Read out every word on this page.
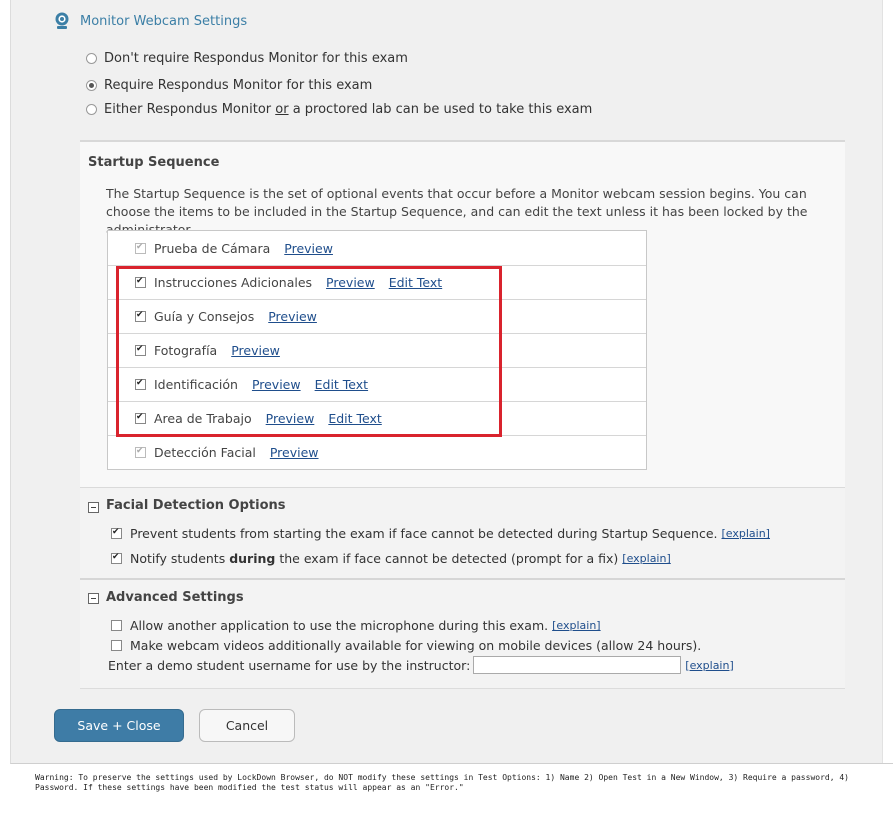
Monitor Webcam Settings
Don't require Respondus Monitor for this exam
Require Respondus Monitor for this exam
Either Respondus Monitor or a proctored lab can be used to take this exam
Startup Sequence
The Startup Sequence is the set of optional events that occur before a Monitor webcam session begins. You can choose the items to be included in the Startup Sequence, and can edit the text unless it has been locked by the
✔
Prueba de Cámara Preview
✔
Instrucciones Adicionales Preview Edit Text
✔
Guía y Consejos Preview
✔
Fotografía Preview
✔
Identificación Preview Edit Text
✔
Area de Trabajo Preview Edit Text
✔
Detección Facial Preview
Facial Detection Options
✔
Prevent students from starting the exam if face cannot be detected during Startup Sequence. [explain]
✔
Notify students during the exam if face cannot be detected (prompt for a fix) [explain]
Advanced Settings
Allow another application to use the microphone during this exam. [explain]
Make webcam videos additionally available for viewing on mobile devices (allow 24 hours).
Enter a demo student username for use by the instructor:	[explain]
Save + Close	Cancel
Warning: To preserve the settings used by LockDown Browser, do NOT modify these settings in Test Options: 1) Name 2) Open Test in a New Window, 3) Require a password, 4) Password. If these settings have been modified the test status will appear as an "Error."
